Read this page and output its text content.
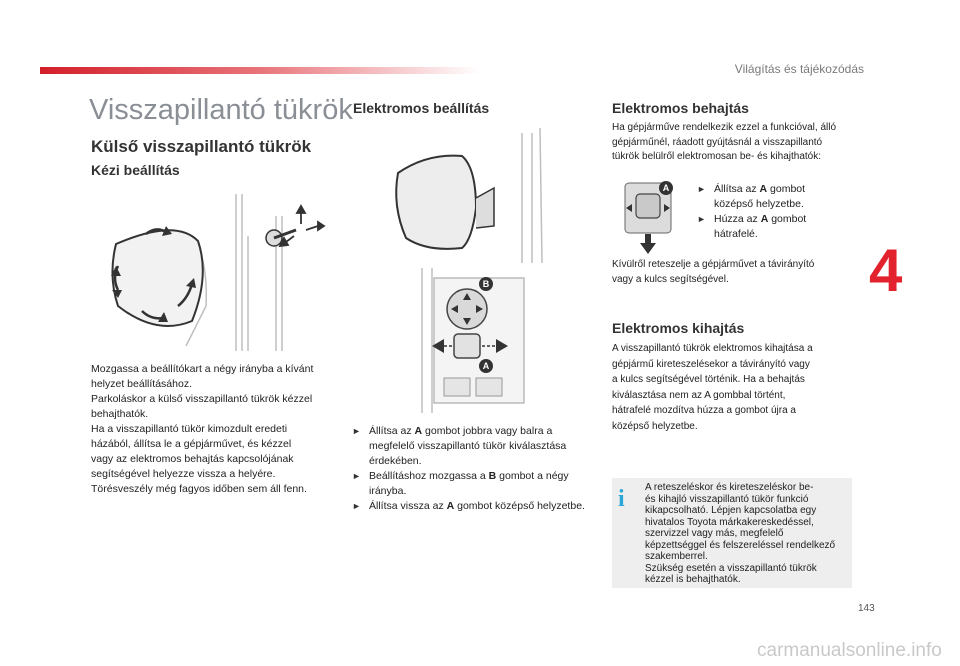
Világítás és tájékozódás
Visszapillantó tükrök
Külső visszapillantó tükrök
Kézi beállítás
Mozgassa a beállítókart a négy irányba a kívánt
helyzet beállításához.
Parkoláskor a külső visszapillantó tükrök kézzel
behajthatók.
Ha a visszapillantó tükör kimozdult eredeti
házából, állítsa le a gépjárművet, és kézzel
vagy az elektromos behajtás kapcsolójának
segítségével helyezze vissza a helyére.
Törésveszély még fagyos időben sem áll fenn.
Elektromos beállítás
B
A
► Állítsa az A gombot jobbra vagy balra a megfelelő visszapillantó tükör kiválasztása érdekében.
► Beállításhoz mozgassa a B gombot a négy irányba.
► Állítsa vissza az A gombot középső helyzetbe.
Elektromos behajtás
Ha gépjárműve rendelkezik ezzel a funkcióval, álló
gépjárműnél, ráadott gyújtásnál a visszapillantó
tükrök belülről elektromosan be- és kihajthatók:
A	► Állítsa az A gombot középső helyzetbe.
► Húzza az A gombot hátrafelé.
Kívülről reteszelje a gépjárművet a távirányító
vagy a kulcs segítségével.
Elektromos kihajtás
A visszapillantó tükrök elektromos kihajtása a
gépjármű kireteszelésekor a távirányító vagy
a kulcs segítségével történik. Ha a behajtás
kiválasztása nem az A gombbal történt,
hátrafelé mozdítva húzza a gombot újra a
középső helyzetbe.
4
i A reteszeléskor és kireteszeléskor be-
és kihajló visszapillantó tükör funkció
kikapcsolható. Lépjen kapcsolatba egy
hivatalos Toyota márkakereskedéssel,
szervizzel vagy más, megfelelő
képzettséggel és felszereléssel rendelkező
szakemberrel.
Szükség esetén a visszapillantó tükrök
kézzel is behajthatók.
143
carmanualsonline.info
